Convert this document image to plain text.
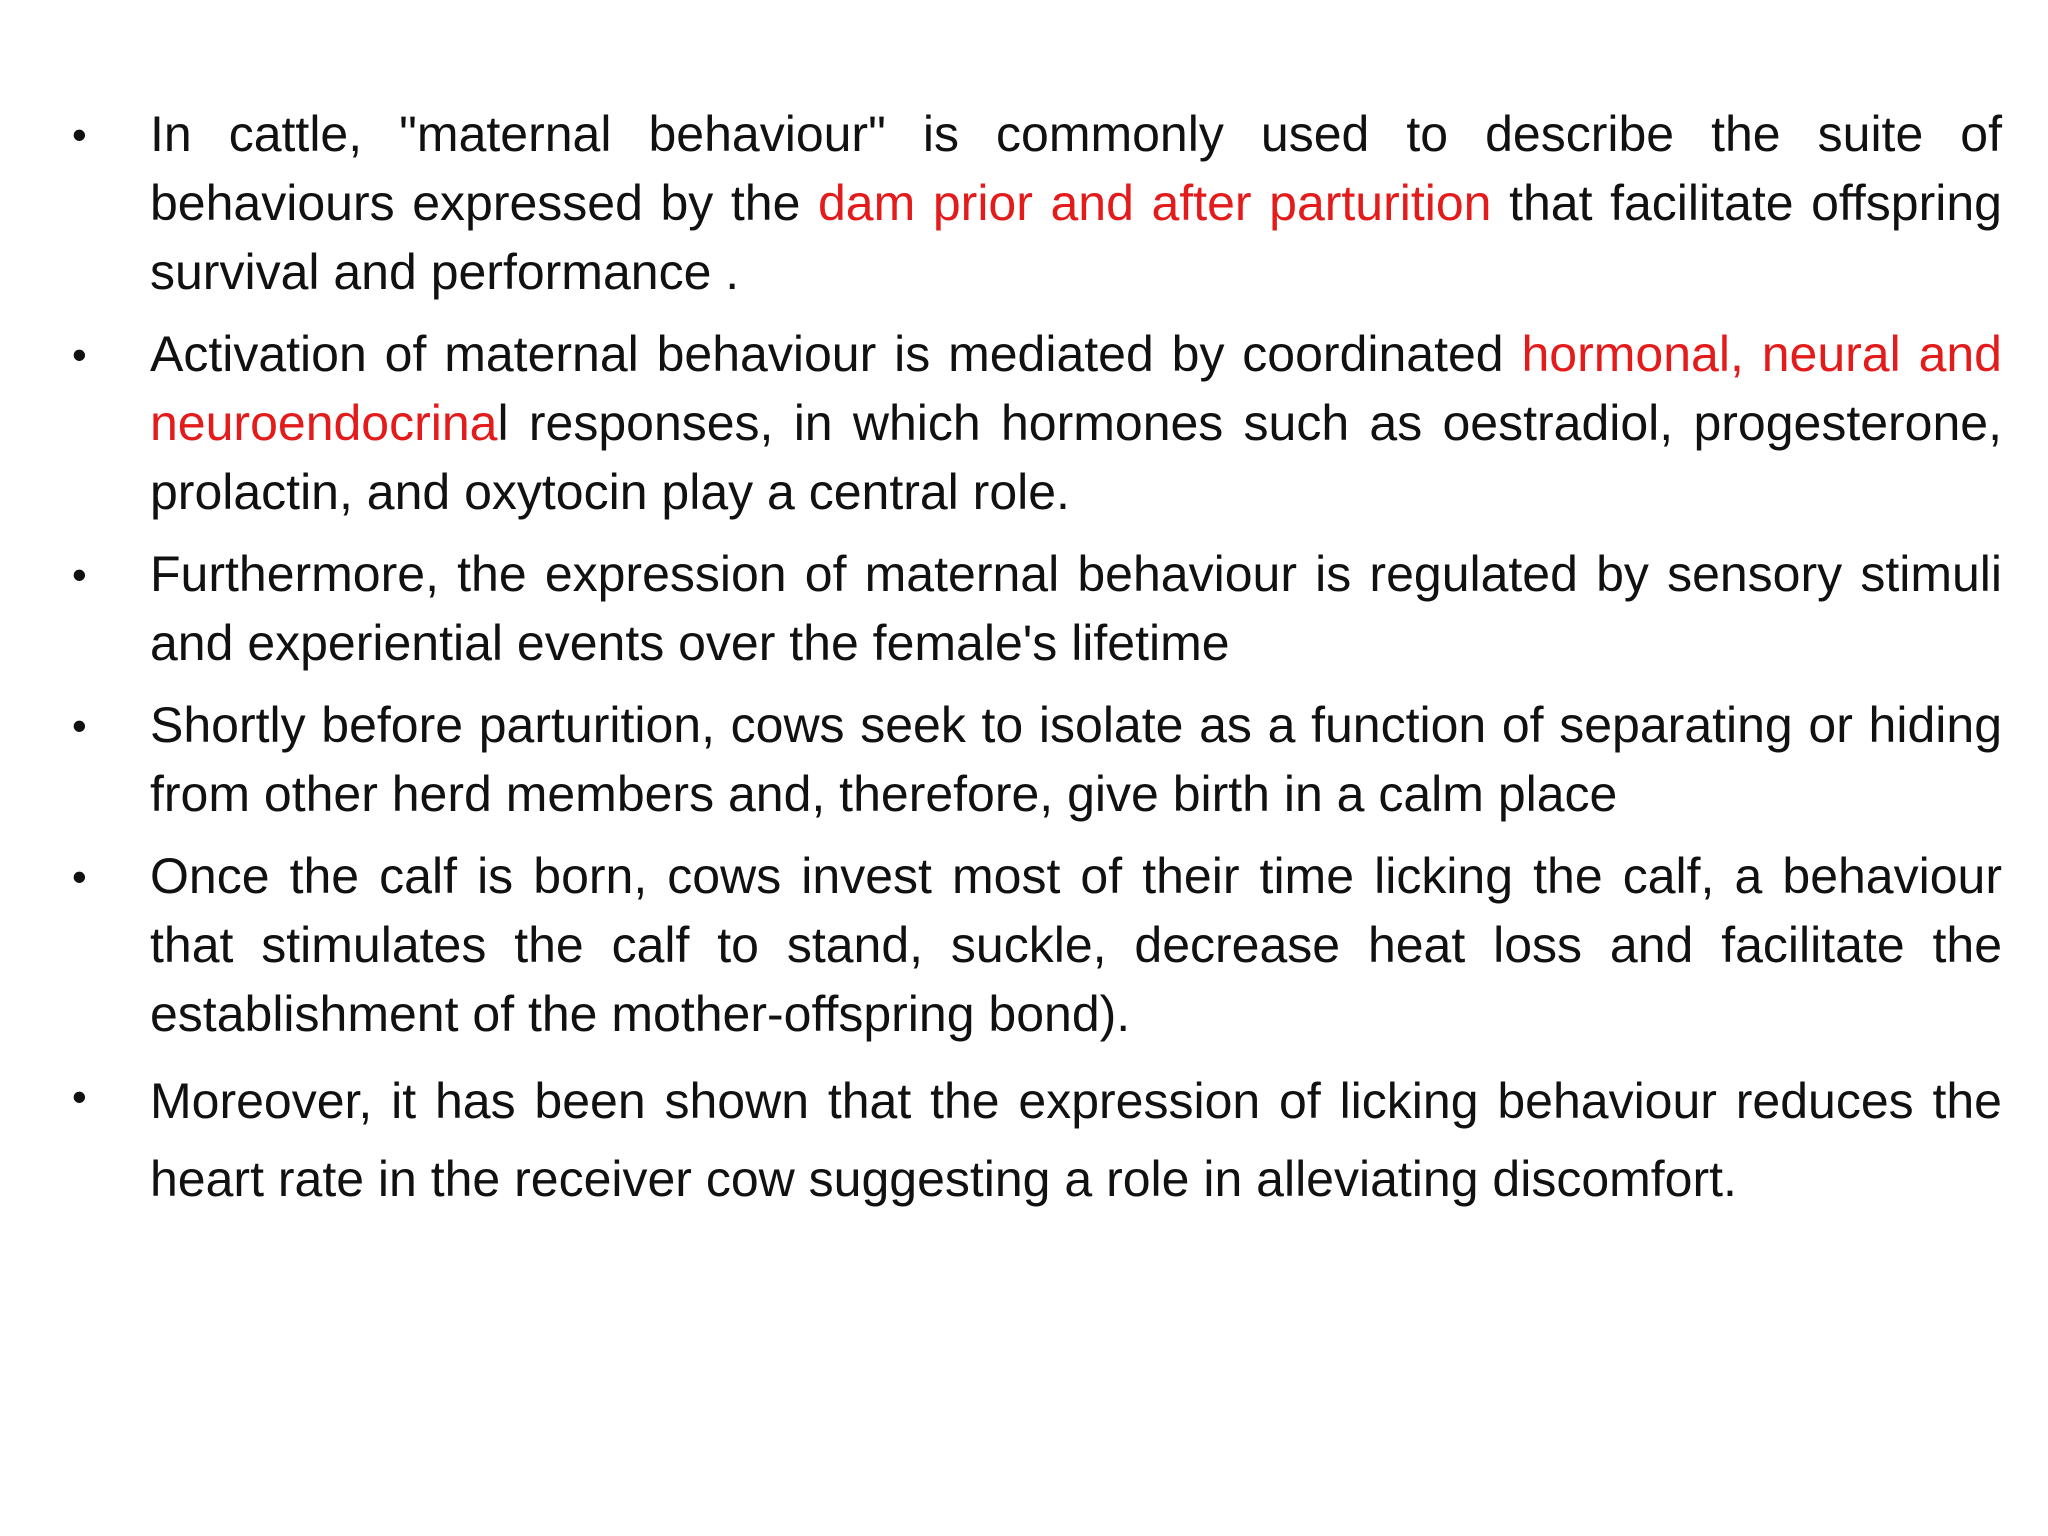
• In cattle, "maternal behaviour" is commonly used to describe the suite of behaviours expressed by the dam prior and after parturition that facilitate offspring survival and performance .
• Activation of maternal behaviour is mediated by coordinated hormonal, neural and neuroendocrinal responses, in which hormones such as oestradiol, progesterone, prolactin, and oxytocin play a central role.
• Furthermore, the expression of maternal behaviour is regulated by sensory stimuli and experiential events over the female's lifetime
• Shortly before parturition, cows seek to isolate as a function of separating or hiding from other herd members and, therefore, give birth in a calm place
• Once the calf is born, cows invest most of their time licking the calf, a behaviour that stimulates the calf to stand, suckle, decrease heat loss and facilitate the establishment of the mother-offspring bond).
• Moreover, it has been shown that the expression of licking behaviour reduces the heart rate in the receiver cow suggesting a role in alleviating discomfort.
